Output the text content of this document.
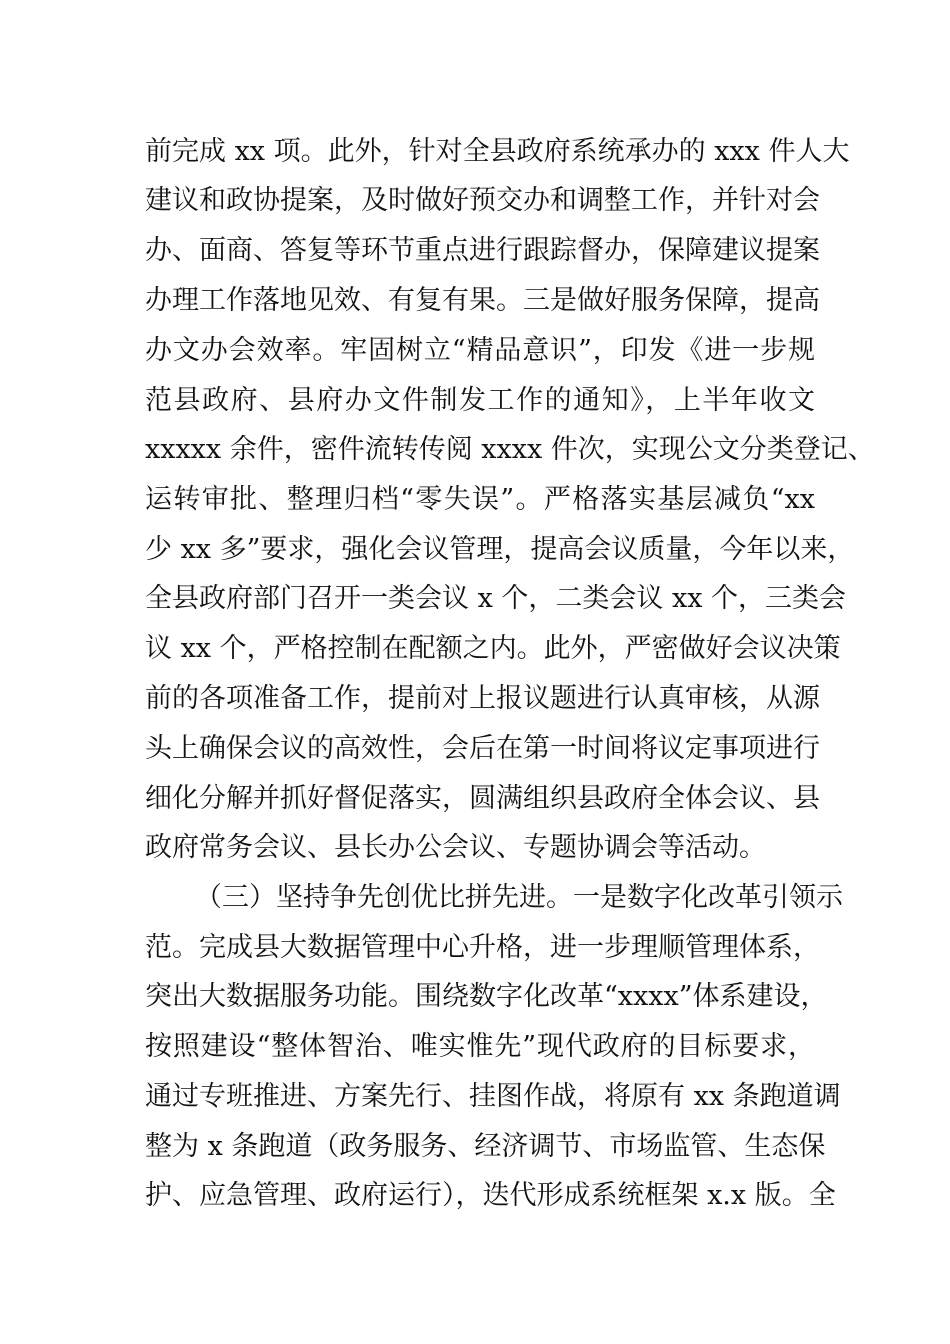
前完成 xx 项。此外，针对全县政府系统承办的 xxx 件人大
建议和政协提案，及时做好预交办和调整工作，并针对会
办、面商、答复等环节重点进行跟踪督办，保障建议提案
办理工作落地见效、有复有果。三是做好服务保障，提高
办文办会效率。牢固树立“精品意识”，印发《进一步规
范县政府、县府办文件制发工作的通知》，上半年收文
xxxxx 余件，密件流转传阅 xxxx 件次，实现公文分类登记、
运转审批、整理归档“零失误”。严格落实基层减负“xx
少 xx 多”要求，强化会议管理，提高会议质量，今年以来，
全县政府部门召开一类会议 x 个，二类会议 xx 个，三类会
议 xx 个，严格控制在配额之内。此外，严密做好会议决策
前的各项准备工作，提前对上报议题进行认真审核，从源
头上确保会议的高效性，会后在第一时间将议定事项进行
细化分解并抓好督促落实，圆满组织县政府全体会议、县
政府常务会议、县长办公会议、专题协调会等活动。
（三）坚持争先创优比拼先进。一是数字化改革引领示
范。完成县大数据管理中心升格，进一步理顺管理体系，
突出大数据服务功能。围绕数字化改革“xxxx”体系建设，
按照建设“整体智治、唯实惟先”现代政府的目标要求，
通过专班推进、方案先行、挂图作战，将原有 xx 条跑道调
整为 x 条跑道（政务服务、经济调节、市场监管、生态保
护、应急管理、政府运行），迭代形成系统框架 x.x 版。全
